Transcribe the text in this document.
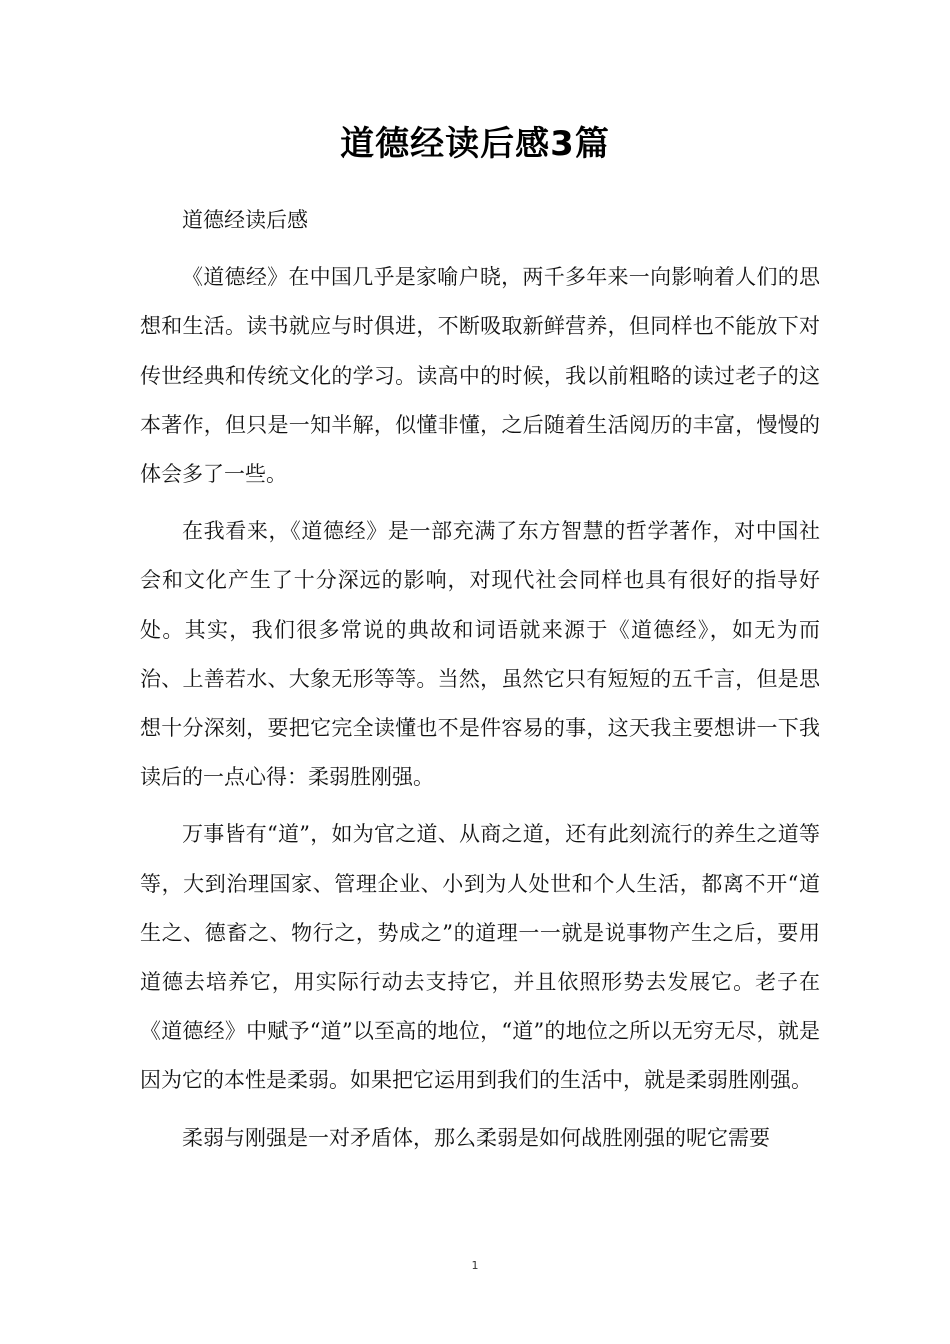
道德经读后感3篇

道德经读后感

《道德经》在中国几乎是家喻户晓，两千多年来一向影响着人们的思想和生活。读书就应与时俱进，不断吸取新鲜营养，但同样也不能放下对传世经典和传统文化的学习。读高中的时候，我以前粗略的读过老子的这本著作，但只是一知半解，似懂非懂，之后随着生活阅历的丰富，慢慢的体会多了一些。

在我看来，《道德经》是一部充满了东方智慧的哲学著作，对中国社会和文化产生了十分深远的影响，对现代社会同样也具有很好的指导好处。其实，我们很多常说的典故和词语就来源于《道德经》，如无为而治、上善若水、大象无形等等。当然，虽然它只有短短的五千言，但是思想十分深刻，要把它完全读懂也不是件容易的事，这天我主要想讲一下我读后的一点心得：柔弱胜刚强。

万事皆有“道”，如为官之道、从商之道，还有此刻流行的养生之道等等，大到治理国家、管理企业、小到为人处世和个人生活，都离不开“道生之、德畜之、物行之，势成之”的道理一一就是说事物产生之后，要用道德去培养它，用实际行动去支持它，并且依照形势去发展它。老子在《道德经》中赋予“道”以至高的地位，“道”的地位之所以无穷无尽，就是因为它的本性是柔弱。如果把它运用到我们的生活中，就是柔弱胜刚强。

柔弱与刚强是一对矛盾体，那么柔弱是如何战胜刚强的呢它需要

1
